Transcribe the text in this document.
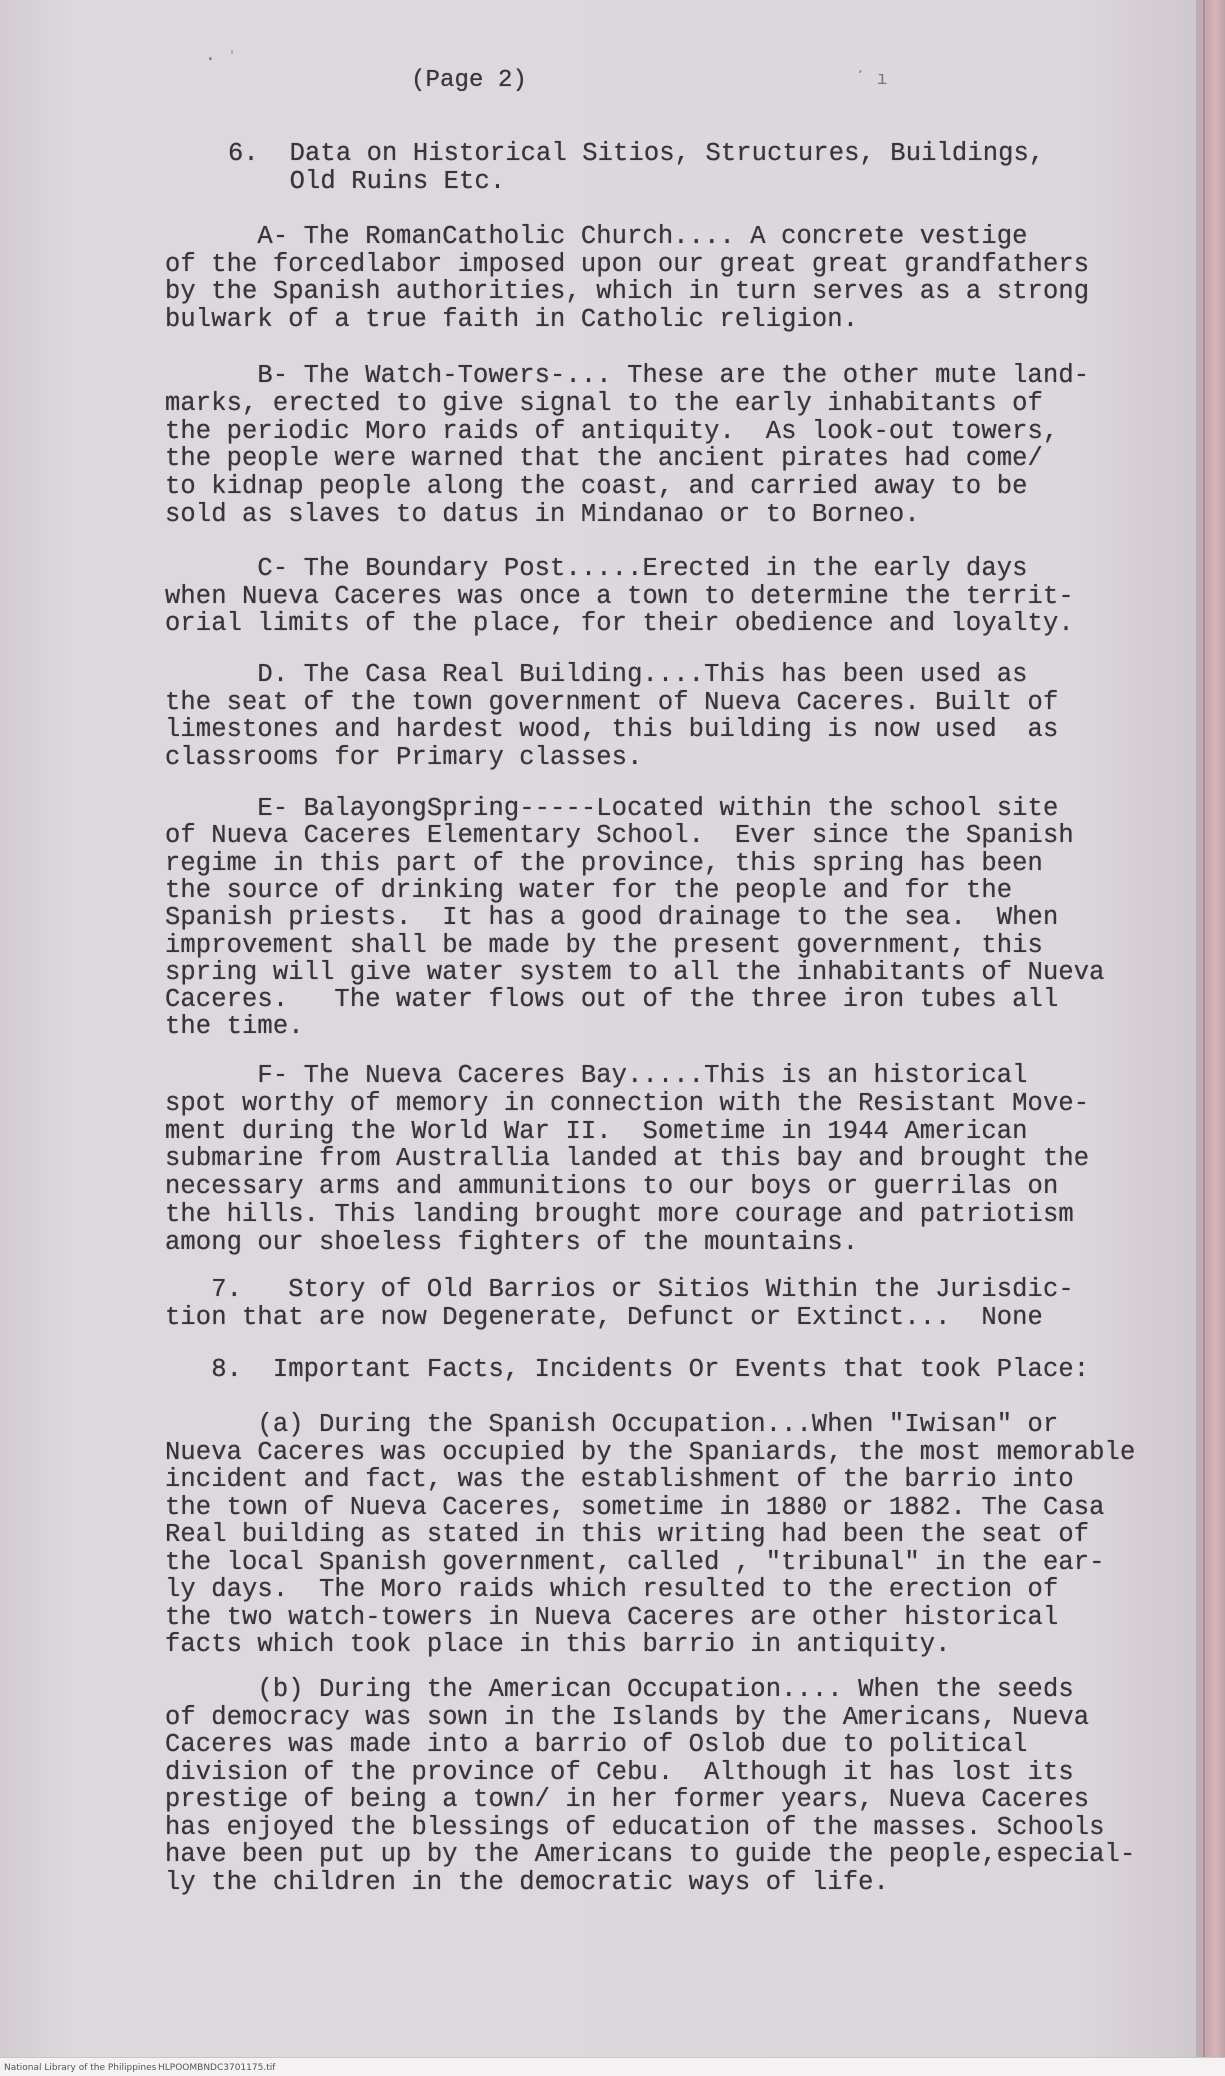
· ˈ
ˊ ı
(Page 2)
6.  Data on Historical Sitios, Structures, Buildings,
Old Ruins Etc.
A- The RomanCatholic Church.... A concrete vestige
of the forcedlabor imposed upon our great great grandfathers
by the Spanish authorities, which in turn serves as a strong
bulwark of a true faith in Catholic religion.
B- The Watch-Towers-... These are the other mute land-
marks, erected to give signal to the early inhabitants of
the periodic Moro raids of antiquity.  As look-out towers,
the people were warned that the ancient pirates had come/
to kidnap people along the coast, and carried away to be
sold as slaves to datus in Mindanao or to Borneo.
C- The Boundary Post.....Erected in the early days
when Nueva Caceres was once a town to determine the territ-
orial limits of the place, for their obedience and loyalty.
D. The Casa Real Building....This has been used as
the seat of the town government of Nueva Caceres. Built of
limestones and hardest wood, this building is now used  as
classrooms for Primary classes.
E- BalayongSpring-----Located within the school site
of Nueva Caceres Elementary School.  Ever since the Spanish
regime in this part of the province, this spring has been
the source of drinking water for the people and for the
Spanish priests.  It has a good drainage to the sea.  When
improvement shall be made by the present government, this
spring will give water system to all the inhabitants of Nueva
Caceres.   The water flows out of the three iron tubes all
the time.
F- The Nueva Caceres Bay.....This is an historical
spot worthy of memory in connection with the Resistant Move-
ment during the World War II.  Sometime in 1944 American
submarine from Australlia landed at this bay and brought the
necessary arms and ammunitions to our boys or guerrilas on
the hills. This landing brought more courage and patriotism
among our shoeless fighters of the mountains.
7.   Story of Old Barrios or Sitios Within the Jurisdic-
tion that are now Degenerate, Defunct or Extinct...  None
8.  Important Facts, Incidents Or Events that took Place:
(a) During the Spanish Occupation...When "Iwisan" or
Nueva Caceres was occupied by the Spaniards, the most memorable
incident and fact, was the establishment of the barrio into
the town of Nueva Caceres, sometime in 1880 or 1882. The Casa
Real building as stated in this writing had been the seat of
the local Spanish government, called , "tribunal" in the ear-
ly days.  The Moro raids which resulted to the erection of
the two watch-towers in Nueva Caceres are other historical
facts which took place in this barrio in antiquity.
(b) During the American Occupation.... When the seeds
of democracy was sown in the Islands by the Americans, Nueva
Caceres was made into a barrio of Oslob due to political
division of the province of Cebu.  Although it has lost its
prestige of being a town/ in her former years, Nueva Caceres
has enjoyed the blessings of education of the masses. Schools
have been put up by the Americans to guide the people,especial-
ly the children in the democratic ways of life.
National Library of the Philippines HLPOOMBNDC3701175.tif
